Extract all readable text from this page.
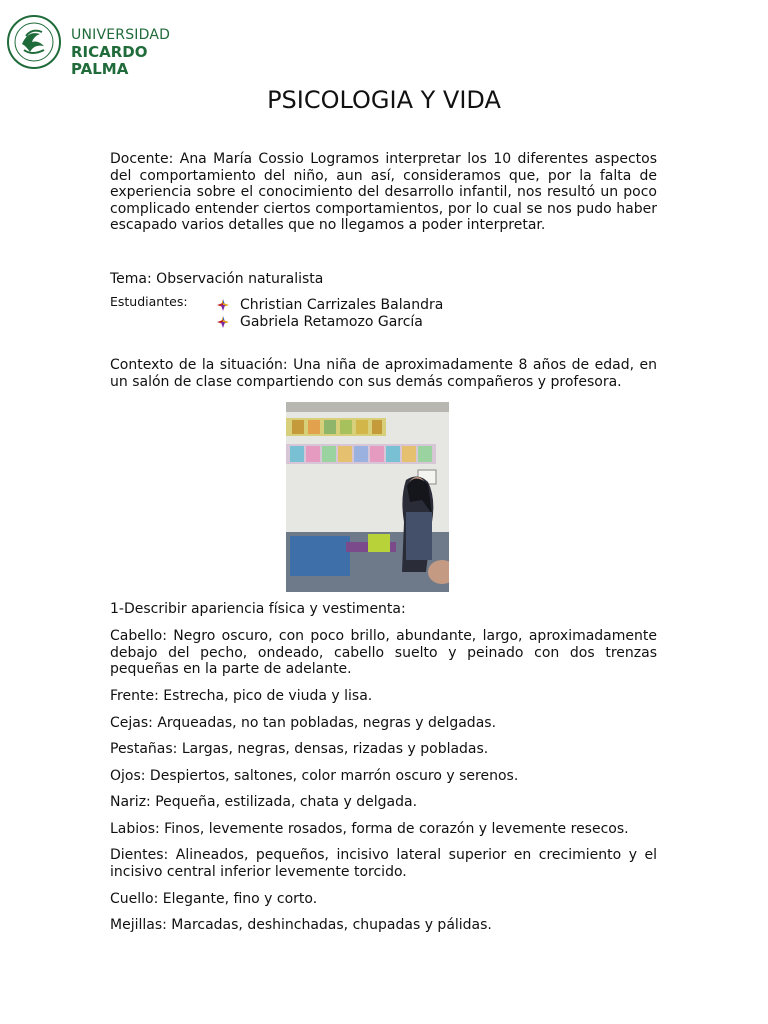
UNIVERSIDAD
RICARDO PALMA
PSICOLOGIA Y VIDA
Docente: Ana María Cossio Logramos interpretar los 10 diferentes aspectos del comportamiento del niño, aun así, consideramos que, por la falta de experiencia sobre el conocimiento del desarrollo infantil, nos resultó un poco complicado entender ciertos comportamientos, por lo cual se nos pudo haber escapado varios detalles que no llegamos a poder interpretar.
Tema: Observación naturalista
Estudiantes:	Christian Carrizales Balandra
Gabriela Retamozo García
Contexto de la situación: Una niña de aproximadamente 8 años de edad, en un salón de clase compartiendo con sus demás compañeros y profesora.
1-Describir apariencia física y vestimenta:
Cabello: Negro oscuro, con poco brillo, abundante, largo, aproximadamente debajo del pecho, ondeado, cabello suelto y peinado con dos trenzas pequeñas en la parte de adelante.
Frente: Estrecha, pico de viuda y lisa.
Cejas: Arqueadas, no tan pobladas, negras y delgadas.
Pestañas: Largas, negras, densas, rizadas y pobladas.
Ojos: Despiertos, saltones, color marrón oscuro y serenos.
Nariz: Pequeña, estilizada, chata y delgada.
Labios: Finos, levemente rosados, forma de corazón y levemente resecos.
Dientes: Alineados, pequeños, incisivo lateral superior en crecimiento y el incisivo central inferior levemente torcido.
Cuello: Elegante, fino y corto.
Mejillas: Marcadas, deshinchadas, chupadas y pálidas.
